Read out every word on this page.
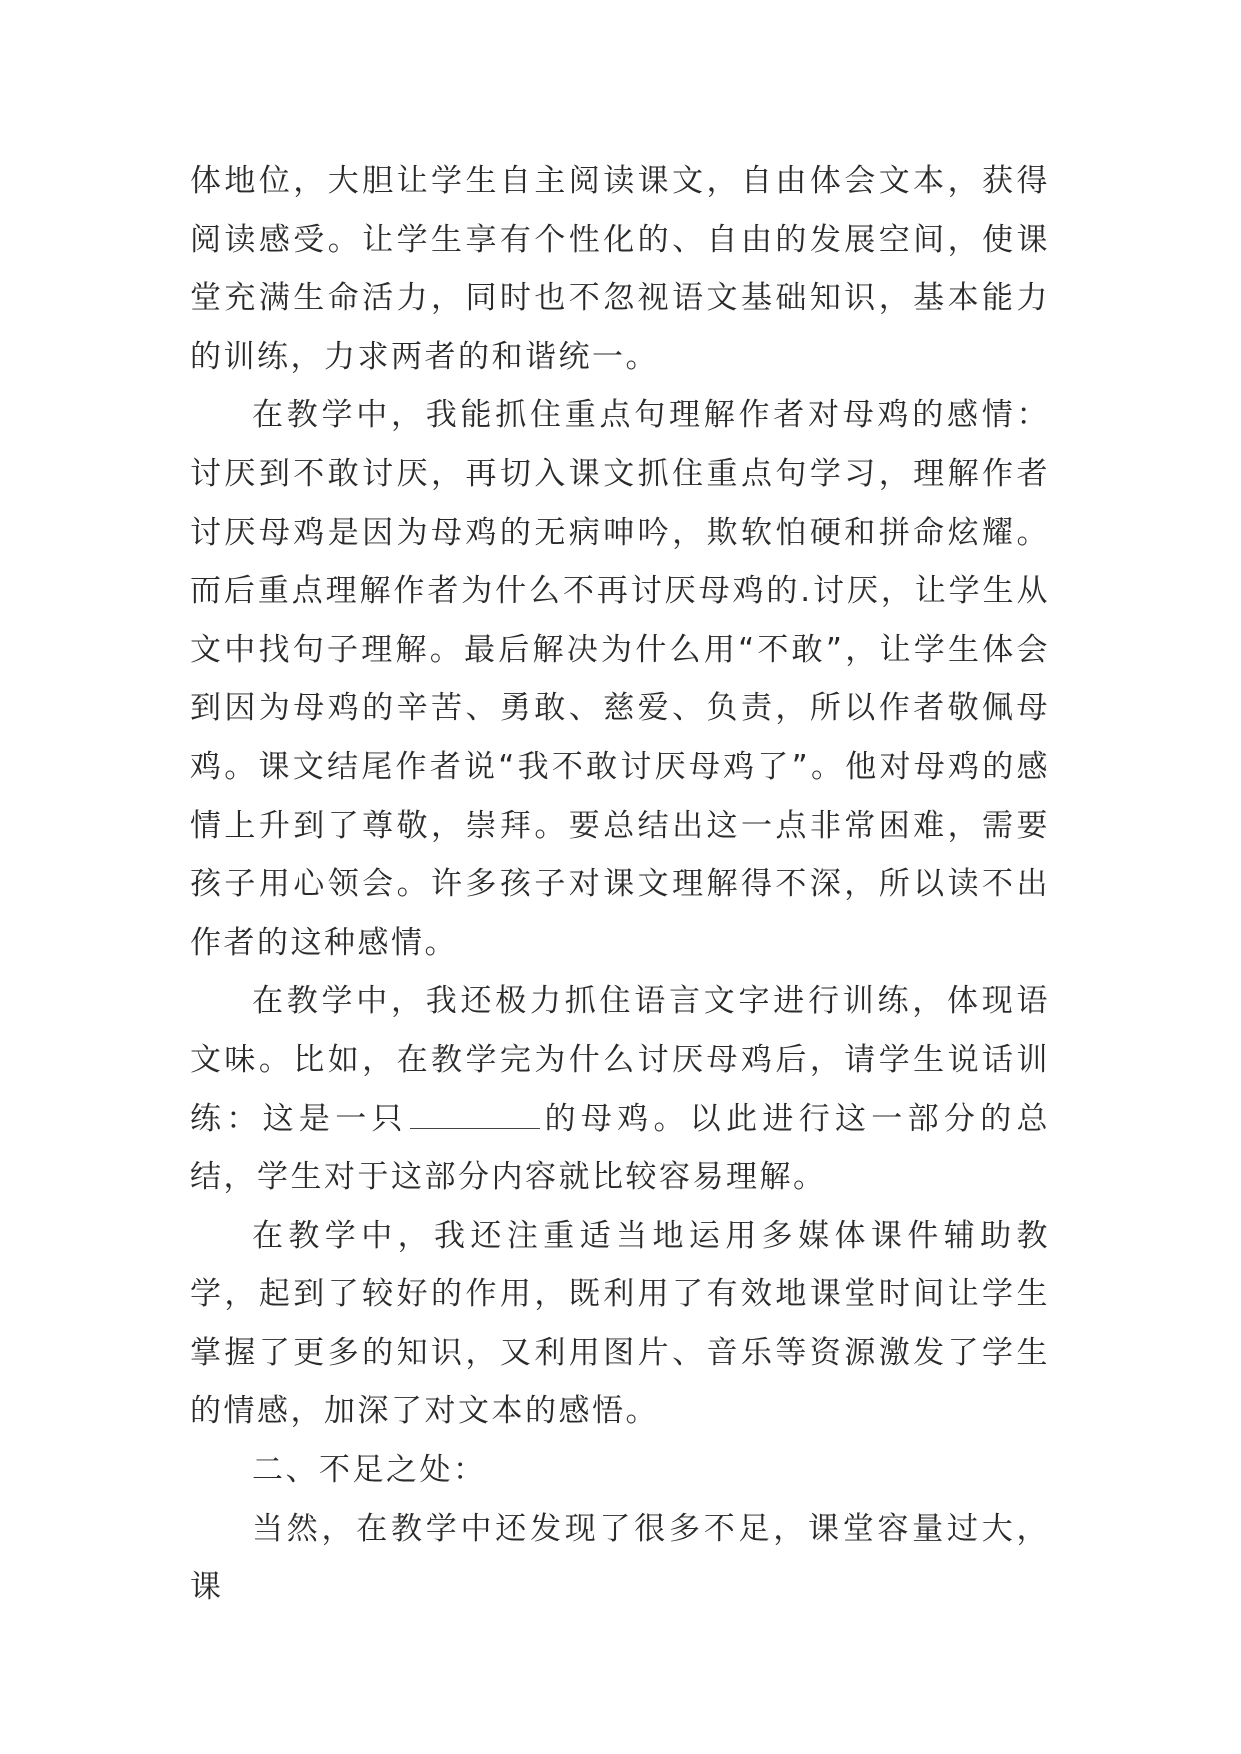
体地位，大胆让学生自主阅读课文，自由体会文本，获得阅读感受。让学生享有个性化的、自由的发展空间，使课堂充满生命活力，同时也不忽视语文基础知识，基本能力的训练，力求两者的和谐统一。

在教学中，我能抓住重点句理解作者对母鸡的感情：讨厌到不敢讨厌，再切入课文抓住重点句学习，理解作者讨厌母鸡是因为母鸡的无病呻吟，欺软怕硬和拼命炫耀。而后重点理解作者为什么不再讨厌母鸡的.讨厌，让学生从文中找句子理解。最后解决为什么用“不敢”，让学生体会到因为母鸡的辛苦、勇敢、慈爱、负责，所以作者敬佩母鸡。课文结尾作者说“我不敢讨厌母鸡了”。他对母鸡的感情上升到了尊敬，崇拜。要总结出这一点非常困难，需要孩子用心领会。许多孩子对课文理解得不深，所以读不出作者的这种感情。

在教学中，我还极力抓住语言文字进行训练，体现语文味。比如，在教学完为什么讨厌母鸡后，请学生说话训练：这是一只	的母鸡。以此进行这一部分的总结，学生对于这部分内容就比较容易理解。

在教学中，我还注重适当地运用多媒体课件辅助教学，起到了较好的作用，既利用了有效地课堂时间让学生掌握了更多的知识，又利用图片、音乐等资源激发了学生的情感，加深了对文本的感悟。

二、不足之处：

当然，在教学中还发现了很多不足，课堂容量过大，课
